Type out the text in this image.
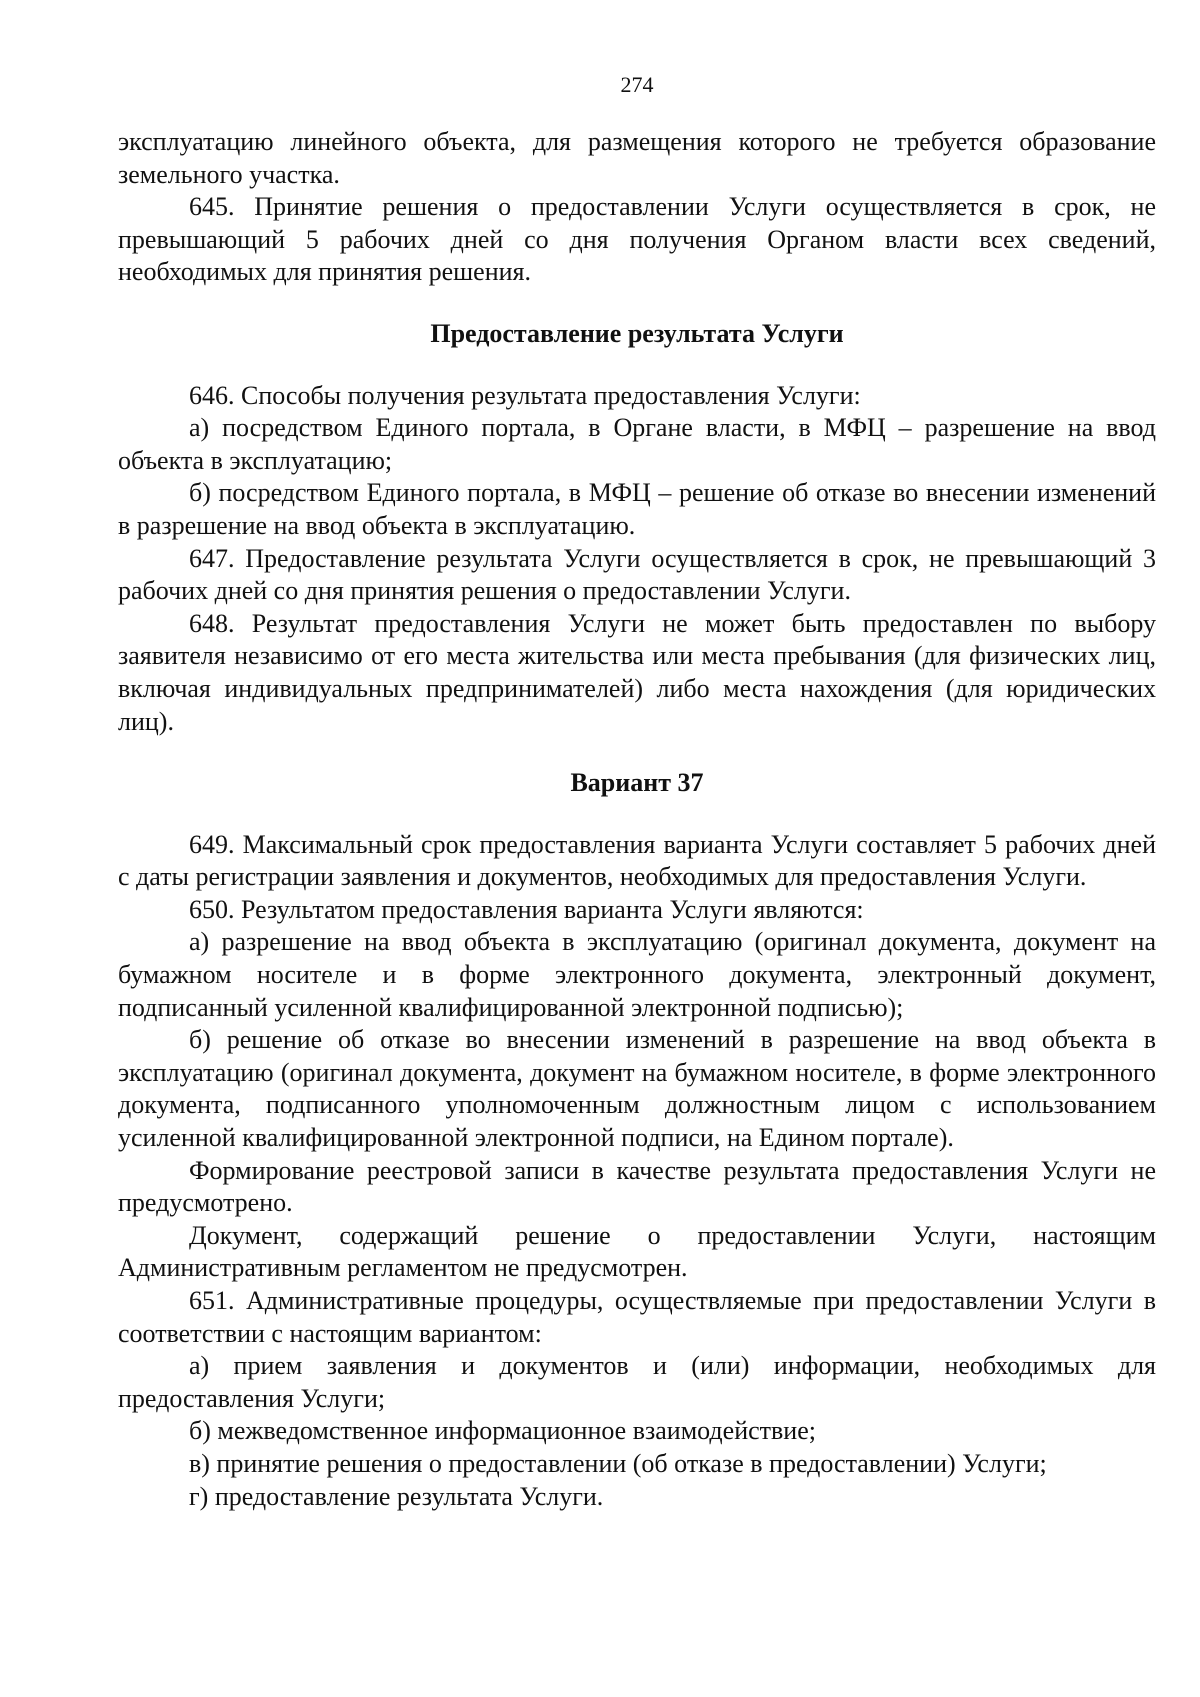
274

эксплуатацию линейного объекта, для размещения которого не требуется образование земельного участка.

645. Принятие решения о предоставлении Услуги осуществляется в срок, не превышающий 5 рабочих дней со дня получения Органом власти всех сведений, необходимых для принятия решения.

Предоставление результата Услуги

646. Способы получения результата предоставления Услуги:

а) посредством Единого портала, в Органе власти, в МФЦ – разрешение на ввод объекта в эксплуатацию;

б) посредством Единого портала, в МФЦ – решение об отказе во внесении изменений в разрешение на ввод объекта в эксплуатацию.

647. Предоставление результата Услуги осуществляется в срок, не превышающий 3 рабочих дней со дня принятия решения о предоставлении Услуги.

648. Результат предоставления Услуги не может быть предоставлен по выбору заявителя независимо от его места жительства или места пребывания (для физических лиц, включая индивидуальных предпринимателей) либо места нахождения (для юридических лиц).

Вариант 37

649. Максимальный срок предоставления варианта Услуги составляет 5 рабочих дней с даты регистрации заявления и документов, необходимых для предоставления Услуги.

650. Результатом предоставления варианта Услуги являются:

а) разрешение на ввод объекта в эксплуатацию (оригинал документа, документ на бумажном носителе и в форме электронного документа, электронный документ, подписанный усиленной квалифицированной электронной подписью);

б) решение об отказе во внесении изменений в разрешение на ввод объекта в эксплуатацию (оригинал документа, документ на бумажном носителе, в форме электронного документа, подписанного уполномоченным должностным лицом с использованием усиленной квалифицированной электронной подписи, на Едином портале).

Формирование реестровой записи в качестве результата предоставления Услуги не предусмотрено.

Документ, содержащий решение о предоставлении Услуги, настоящим Административным регламентом не предусмотрен.

651. Административные процедуры, осуществляемые при предоставлении Услуги в соответствии с настоящим вариантом:

а) прием заявления и документов и (или) информации, необходимых для предоставления Услуги;

б) межведомственное информационное взаимодействие;

в) принятие решения о предоставлении (об отказе в предоставлении) Услуги;

г) предоставление результата Услуги.
